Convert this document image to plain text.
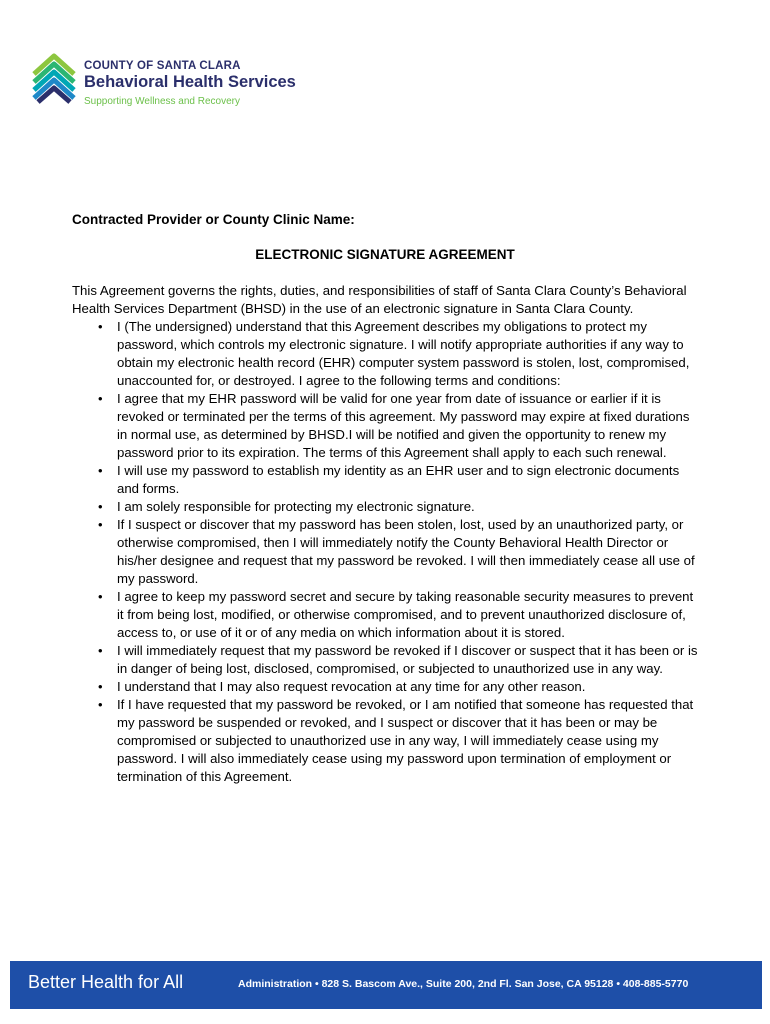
COUNTY OF SANTA CLARA
Behavioral Health Services
Supporting Wellness and Recovery
Contracted Provider or County Clinic Name:
ELECTRONIC SIGNATURE AGREEMENT

This Agreement governs the rights, duties, and responsibilities of staff of Santa Clara County’s Behavioral Health Services Department (BHSD) in the use of an electronic signature in Santa Clara County.

• I (The undersigned) understand that this Agreement describes my obligations to protect my password, which controls my electronic signature. I will notify appropriate authorities if any way to obtain my electronic health record (EHR) computer system password is stolen, lost, compromised, unaccounted for, or destroyed. I agree to the following terms and conditions:
• I agree that my EHR password will be valid for one year from date of issuance or earlier if it is revoked or terminated per the terms of this agreement. My password may expire at fixed durations in normal use, as determined by BHSD.I will be notified and given the opportunity to renew my password prior to its expiration. The terms of this Agreement shall apply to each such renewal.
• I will use my password to establish my identity as an EHR user and to sign electronic documents and forms.
• I am solely responsible for protecting my electronic signature.
• If I suspect or discover that my password has been stolen, lost, used by an unauthorized party, or otherwise compromised, then I will immediately notify the County Behavioral Health Director or his/her designee and request that my password be revoked. I will then immediately cease all use of my password.
• I agree to keep my password secret and secure by taking reasonable security measures to prevent it from being lost, modified, or otherwise compromised, and to prevent unauthorized disclosure of, access to, or use of it or of any media on which information about it is stored.
• I will immediately request that my password be revoked if I discover or suspect that it has been or is in danger of being lost, disclosed, compromised, or subjected to unauthorized use in any way.
• I understand that I may also request revocation at any time for any other reason.
• If I have requested that my password be revoked, or I am notified that someone has requested that my password be suspended or revoked, and I suspect or discover that it has been or may be compromised or subjected to unauthorized use in any way, I will immediately cease using my password. I will also immediately cease using my password upon termination of employment or termination of this Agreement.
Better Health for All	Administration • 828 S. Bascom Ave., Suite 200, 2nd Fl. San Jose, CA 95128 • 408-885-5770
